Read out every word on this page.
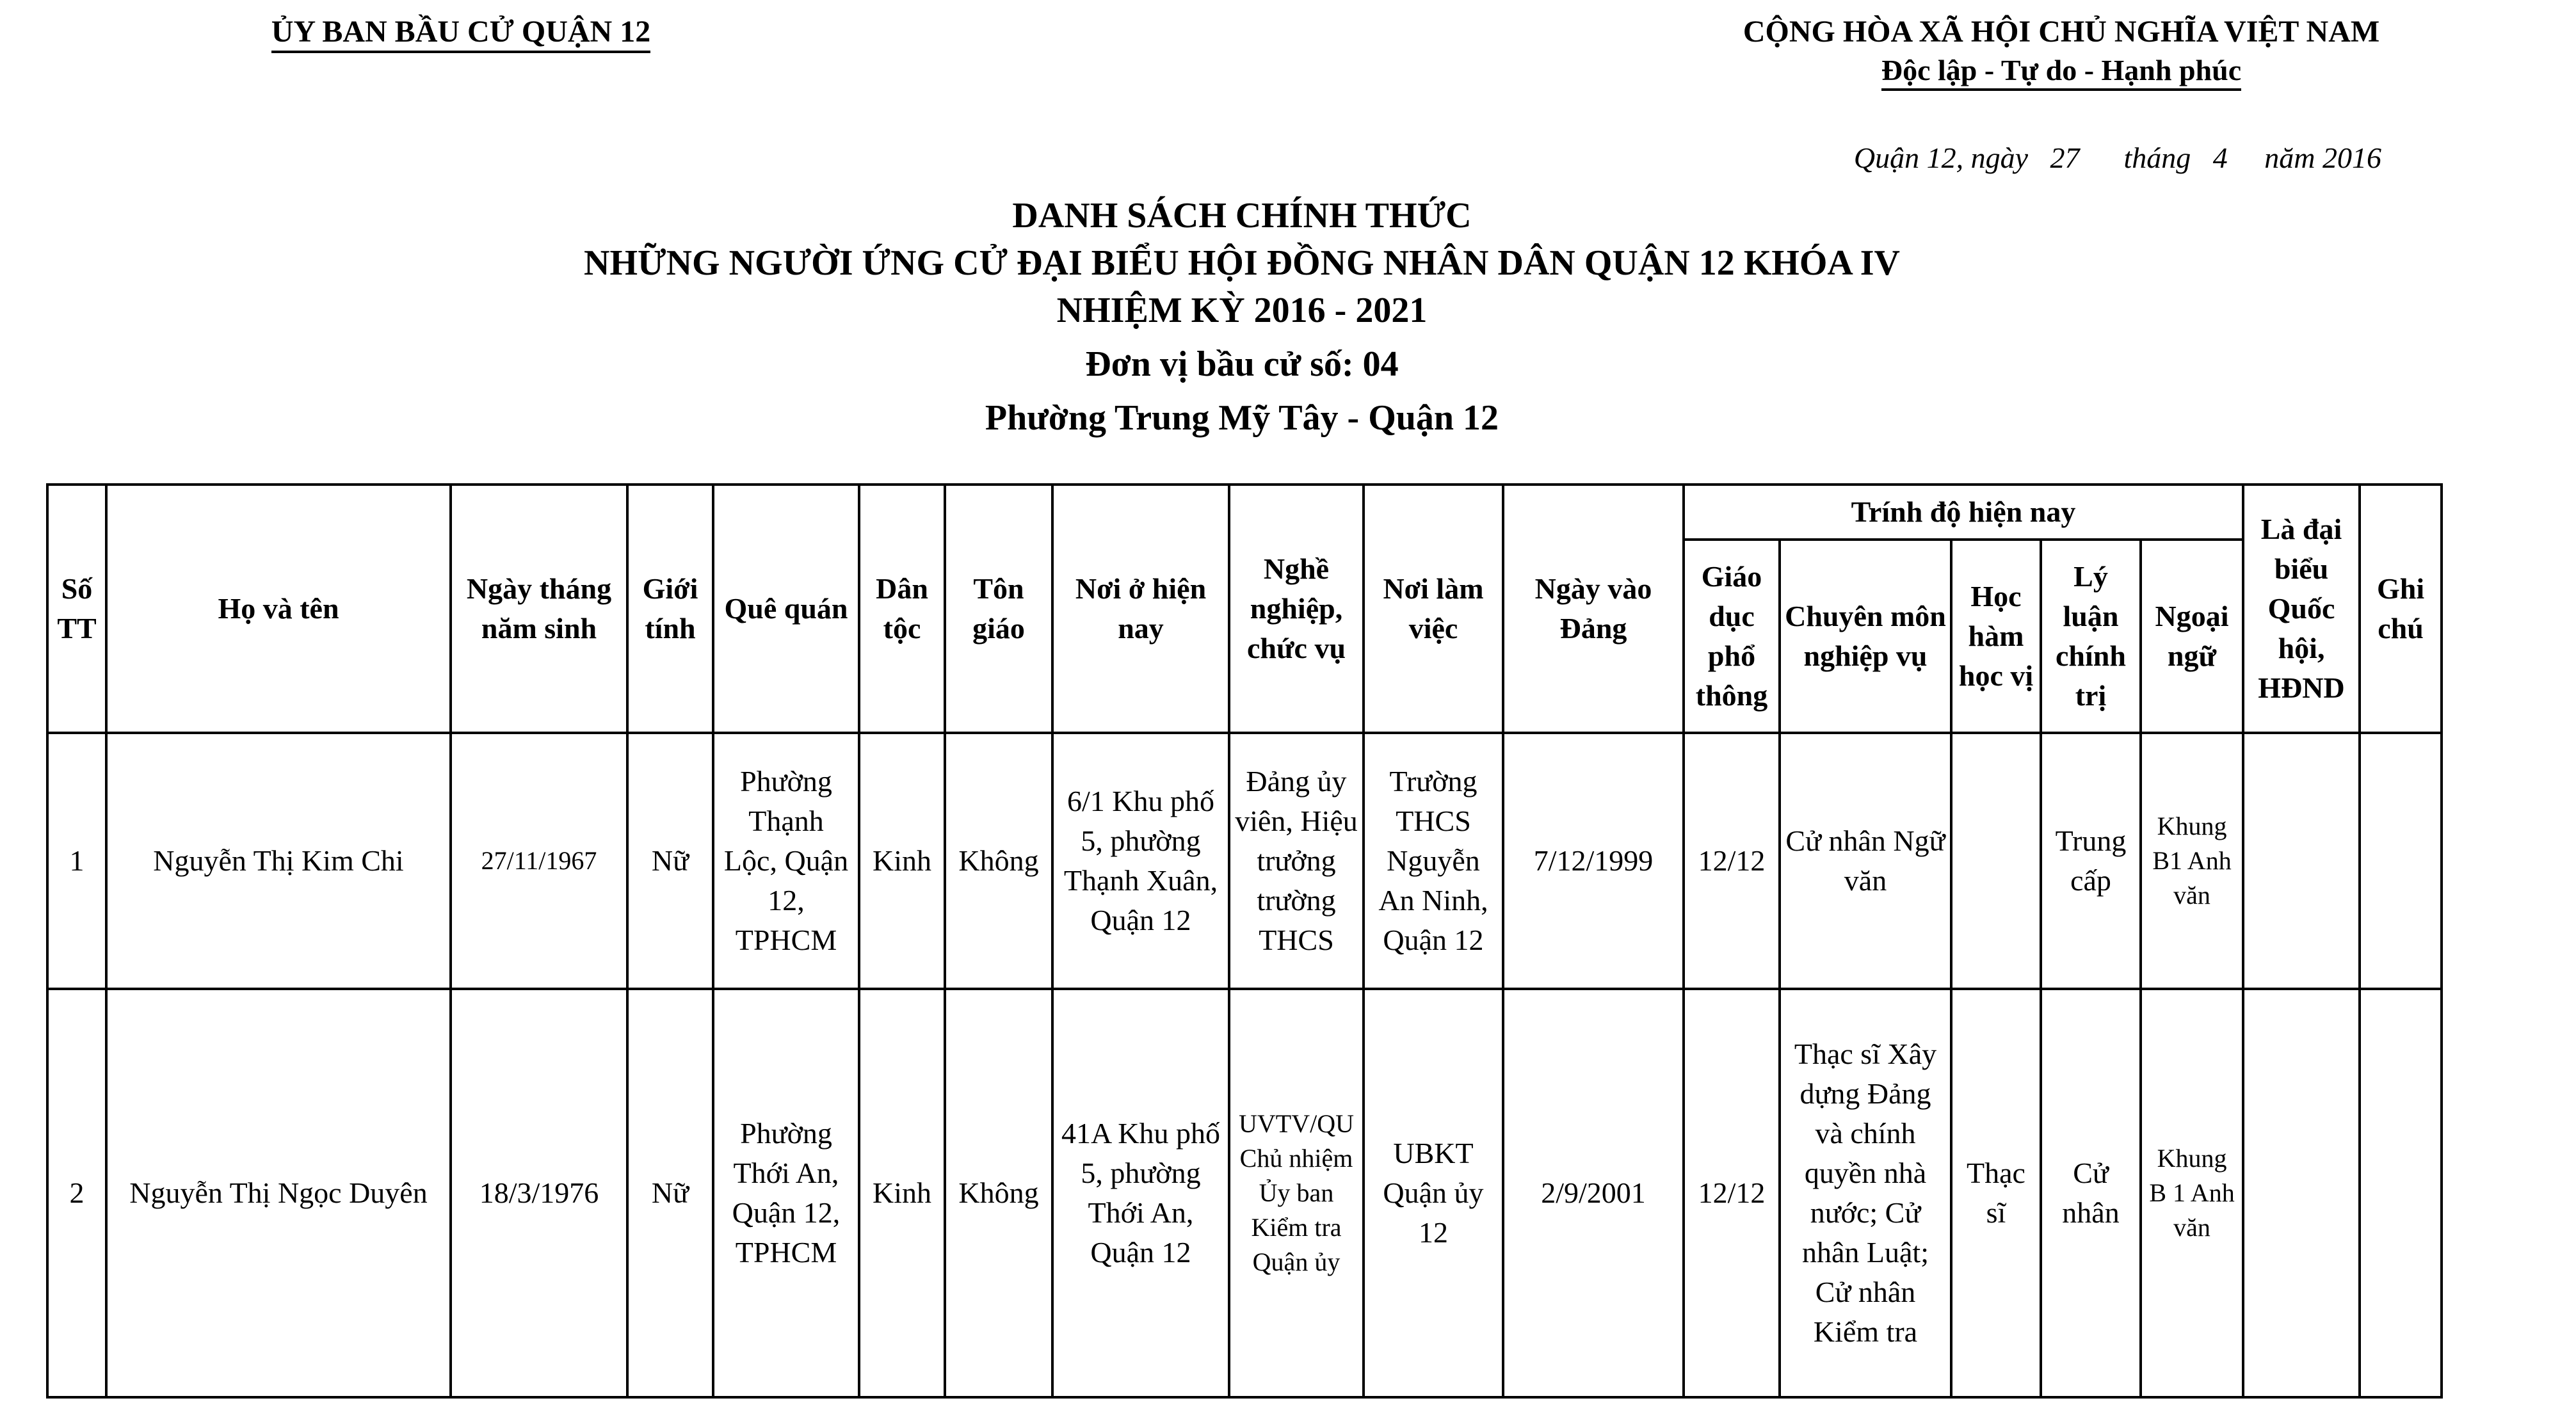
ỦY BAN BẦU CỬ QUẬN 12	CỘNG HÒA XÃ HỘI CHỦ NGHĨA VIỆT NAM
Độc lập - Tự do - Hạnh phúc
Quận 12, ngày   27      tháng   4     năm 2016
DANH SÁCH CHÍNH THỨC
NHỮNG NGƯỜI ỨNG CỬ ĐẠI BIỂU HỘI ĐỒNG NHÂN DÂN QUẬN 12 KHÓA IV
NHIỆM KỲ 2016 - 2021
Đơn vị bầu cử số: 04
Phường Trung Mỹ Tây - Quận 12
Số TT	Họ và tên	Ngày tháng năm sinh	Giới tính	Quê quán	Dân tộc	Tôn giáo	Nơi ở hiện nay	Nghề nghiệp, chức vụ	Nơi làm việc	Ngày vào Đảng	Trính độ hiện nay					Là đại biểu Quốc hội, HĐND	Ghi chú
											Giáo dục phổ thông	Chuyên môn nghiệp vụ	Học hàm học vị	Lý luận chính trị	Ngoại ngữ		
1	Nguyễn Thị Kim Chi	27/11/1967	Nữ	Phường Thạnh Lộc, Quận 12, TPHCM	Kinh	Không	6/1 Khu phố 5, phường Thạnh Xuân, Quận 12	Đảng ủy viên, Hiệu trưởng trường THCS	Trường THCS Nguyễn An Ninh, Quận 12	7/12/1999	12/12	Cử nhân Ngữ văn		Trung cấp	Khung B1 Anh văn		
2	Nguyễn Thị Ngọc Duyên	18/3/1976	Nữ	Phường Thới An, Quận 12, TPHCM	Kinh	Không	41A Khu phố 5, phường Thới An, Quận 12	UVTV/QU Chủ nhiệm Ủy ban Kiểm tra Quận ủy	UBKT Quận ủy 12	2/9/2001	12/12	Thạc sĩ Xây dựng Đảng và chính quyền nhà nước; Cử nhân Luật; Cử nhân Kiểm tra	Thạc sĩ	Cử nhân	Khung B 1 Anh văn		
